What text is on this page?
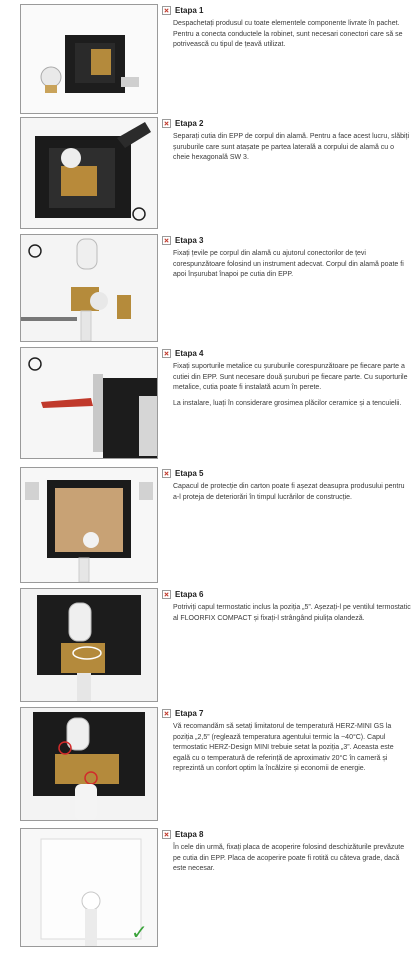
Etapa 1

Despachetați produsul cu toate elementele componente livrate în pachet. Pentru a conecta conductele la robinet, sunt necesari conectori care să se potrivească cu tipul de țeavă utilizat.

Etapa 2

Separați cutia din EPP de corpul din alamă. Pentru a face acest lucru, slăbiți șuruburile care sunt atașate pe partea laterală a corpului de alamă cu o cheie hexagonală SW 3.

Etapa 3

Fixați țevile pe corpul din alamă cu ajutorul conectorilor de țevi corespunzătoare folosind un instrument adecvat. Corpul din alamă poate fi apoi înșurubat înapoi pe cutia din EPP.

Etapa 4

Fixați suporturile metalice cu șuruburile corespunzătoare pe fiecare parte a cutiei din EPP. Sunt necesare două șuruburi pe fiecare parte. Cu suporturile metalice, cutia poate fi instalată acum în perete.

La instalare, luați în considerare grosimea plăcilor ceramice și a tencuielii.

Etapa 5

Capacul de protecție din carton poate fi așezat deasupra produsului pentru a-l proteja de deteriorări în timpul lucrărilor de construcție.

Etapa 6

Potriviți capul termostatic inclus la poziția „5”. Așezați-l pe ventilul termostatic al FLOORFIX COMPACT și fixați-l strângând piulița olandeză.

Etapa 7

Vă recomandăm să setați limitatorul de temperatură HERZ-MINI GS la poziția „2,5” (reglează temperatura agentului termic la ~40°C). Capul termostatic HERZ-Design MINI trebuie setat la poziția „3”. Aceasta este egală cu o temperatură de referință de aproximativ 20°C în cameră și reprezintă un confort optim la încălzire și economii de energie.

✓
Etapa 8

În cele din urmă, fixați placa de acoperire folosind deschizăturile prevăzute pe cutia din EPP. Placa de acoperire poate fi rotită cu câteva grade, dacă este necesar.
